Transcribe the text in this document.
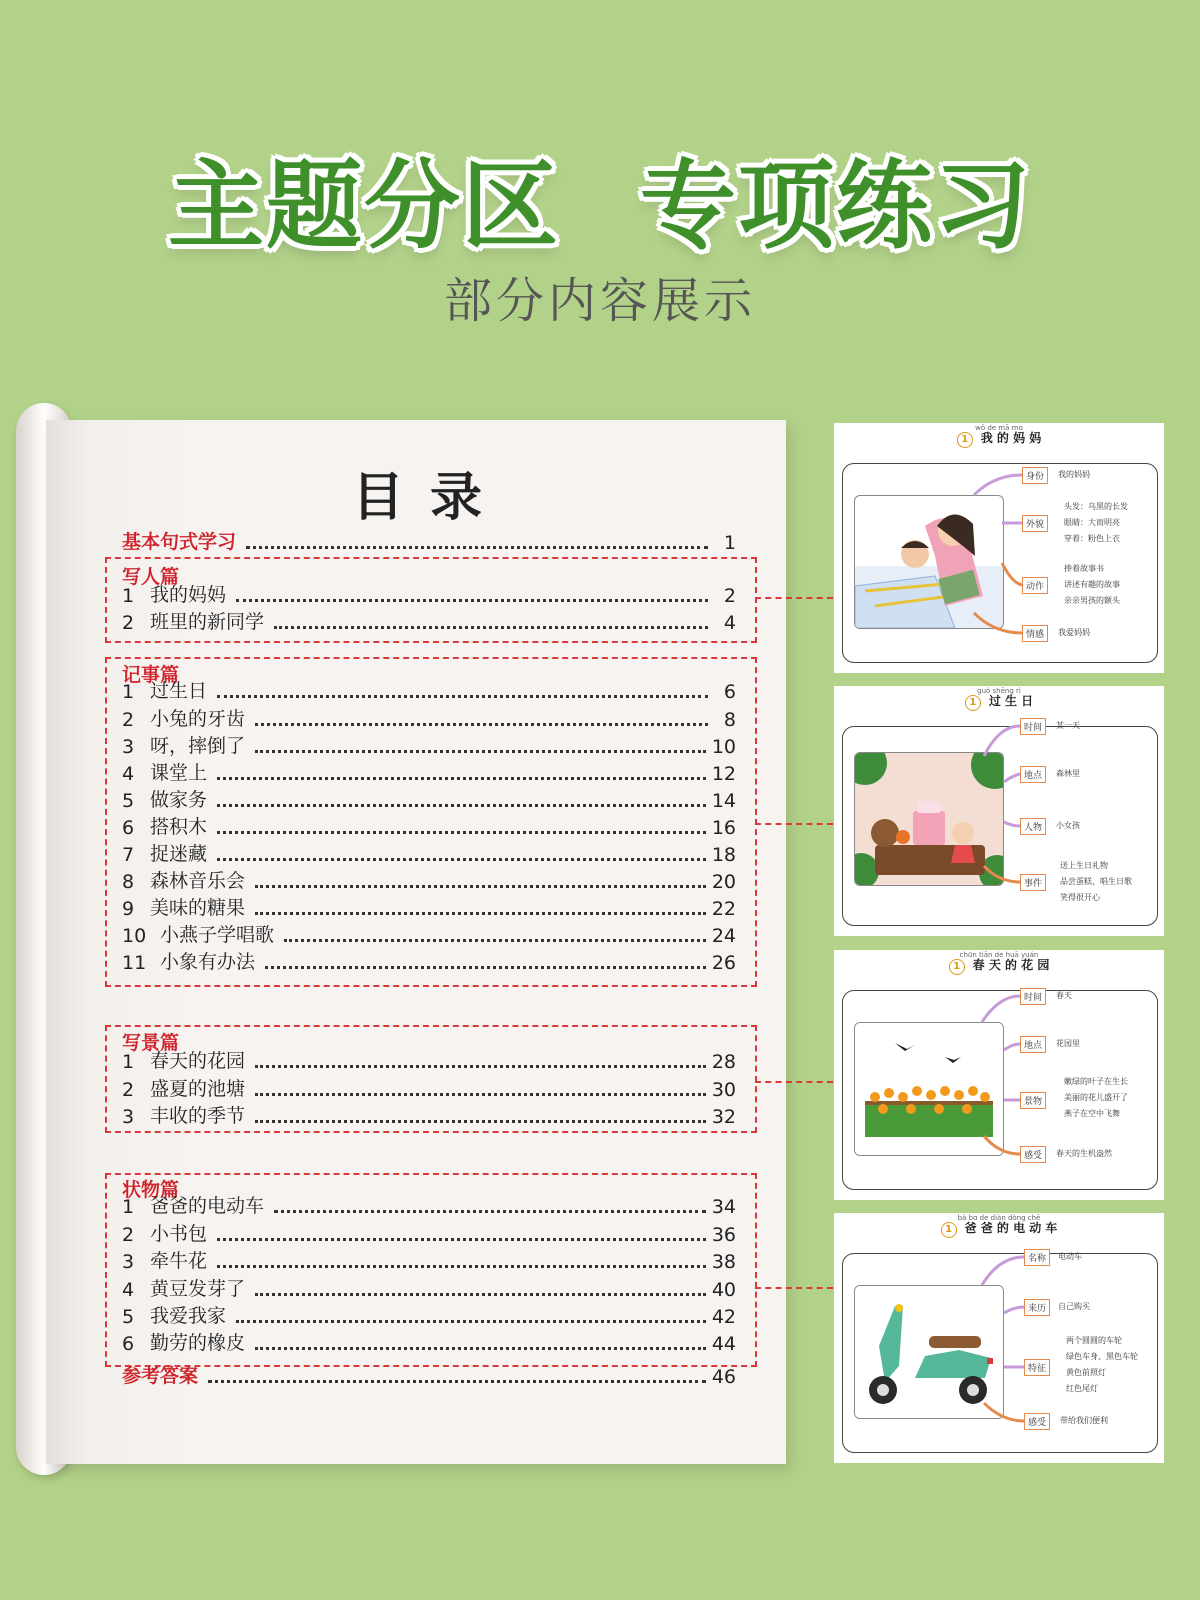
主题分区 专项练习
部分内容展示
目录
基本句式学习	1
写人篇
1 我的妈妈	2
2 班里的新同学	4
记事篇
1 过生日	6
2 小兔的牙齿	8
3 呀，摔倒了	10
4 课堂上	12
5 做家务	14
6 搭积木	16
7 捉迷藏	18
8 森林音乐会	20
9 美味的糖果	22
10 小燕子学唱歌	24
11 小象有办法	26
写景篇
1 春天的花园	28
2 盛夏的池塘	30
3 丰收的季节	32
状物篇
1 爸爸的电动车	34
2 小书包	36
3 牵牛花	38
4 黄豆发芽了	40
5 我爱我家	42
6 勤劳的橡皮	44
参考答案	46
wǒ de mā mɑ
1 我 的 妈 妈
身份
外貌
动作
情感
我的妈妈
头发：乌黑的长发
眼睛：大而明亮
穿着：粉色上衣
捧着故事书
讲述有趣的故事
亲亲男孩的额头
我爱妈妈
guò shēng rì
1 过 生 日
时间
地点
人物
事件
某一天
森林里
小女孩
送上生日礼物
品尝蛋糕、唱生日歌
笑得很开心
chūn tiān de huā yuán
1 春 天 的 花 园
时间
地点
景物
感受
春天
花园里
嫩绿的叶子在生长
美丽的花儿盛开了
燕子在空中飞舞
春天的生机盎然
bà bɑ de diàn dòng chē
1 爸 爸 的 电 动 车
名称
来历
特征
感受
电动车
自己购买
两个圆圆的车轮
绿色车身、黑色车轮
黄色前照灯
红色尾灯
带给我们便利
